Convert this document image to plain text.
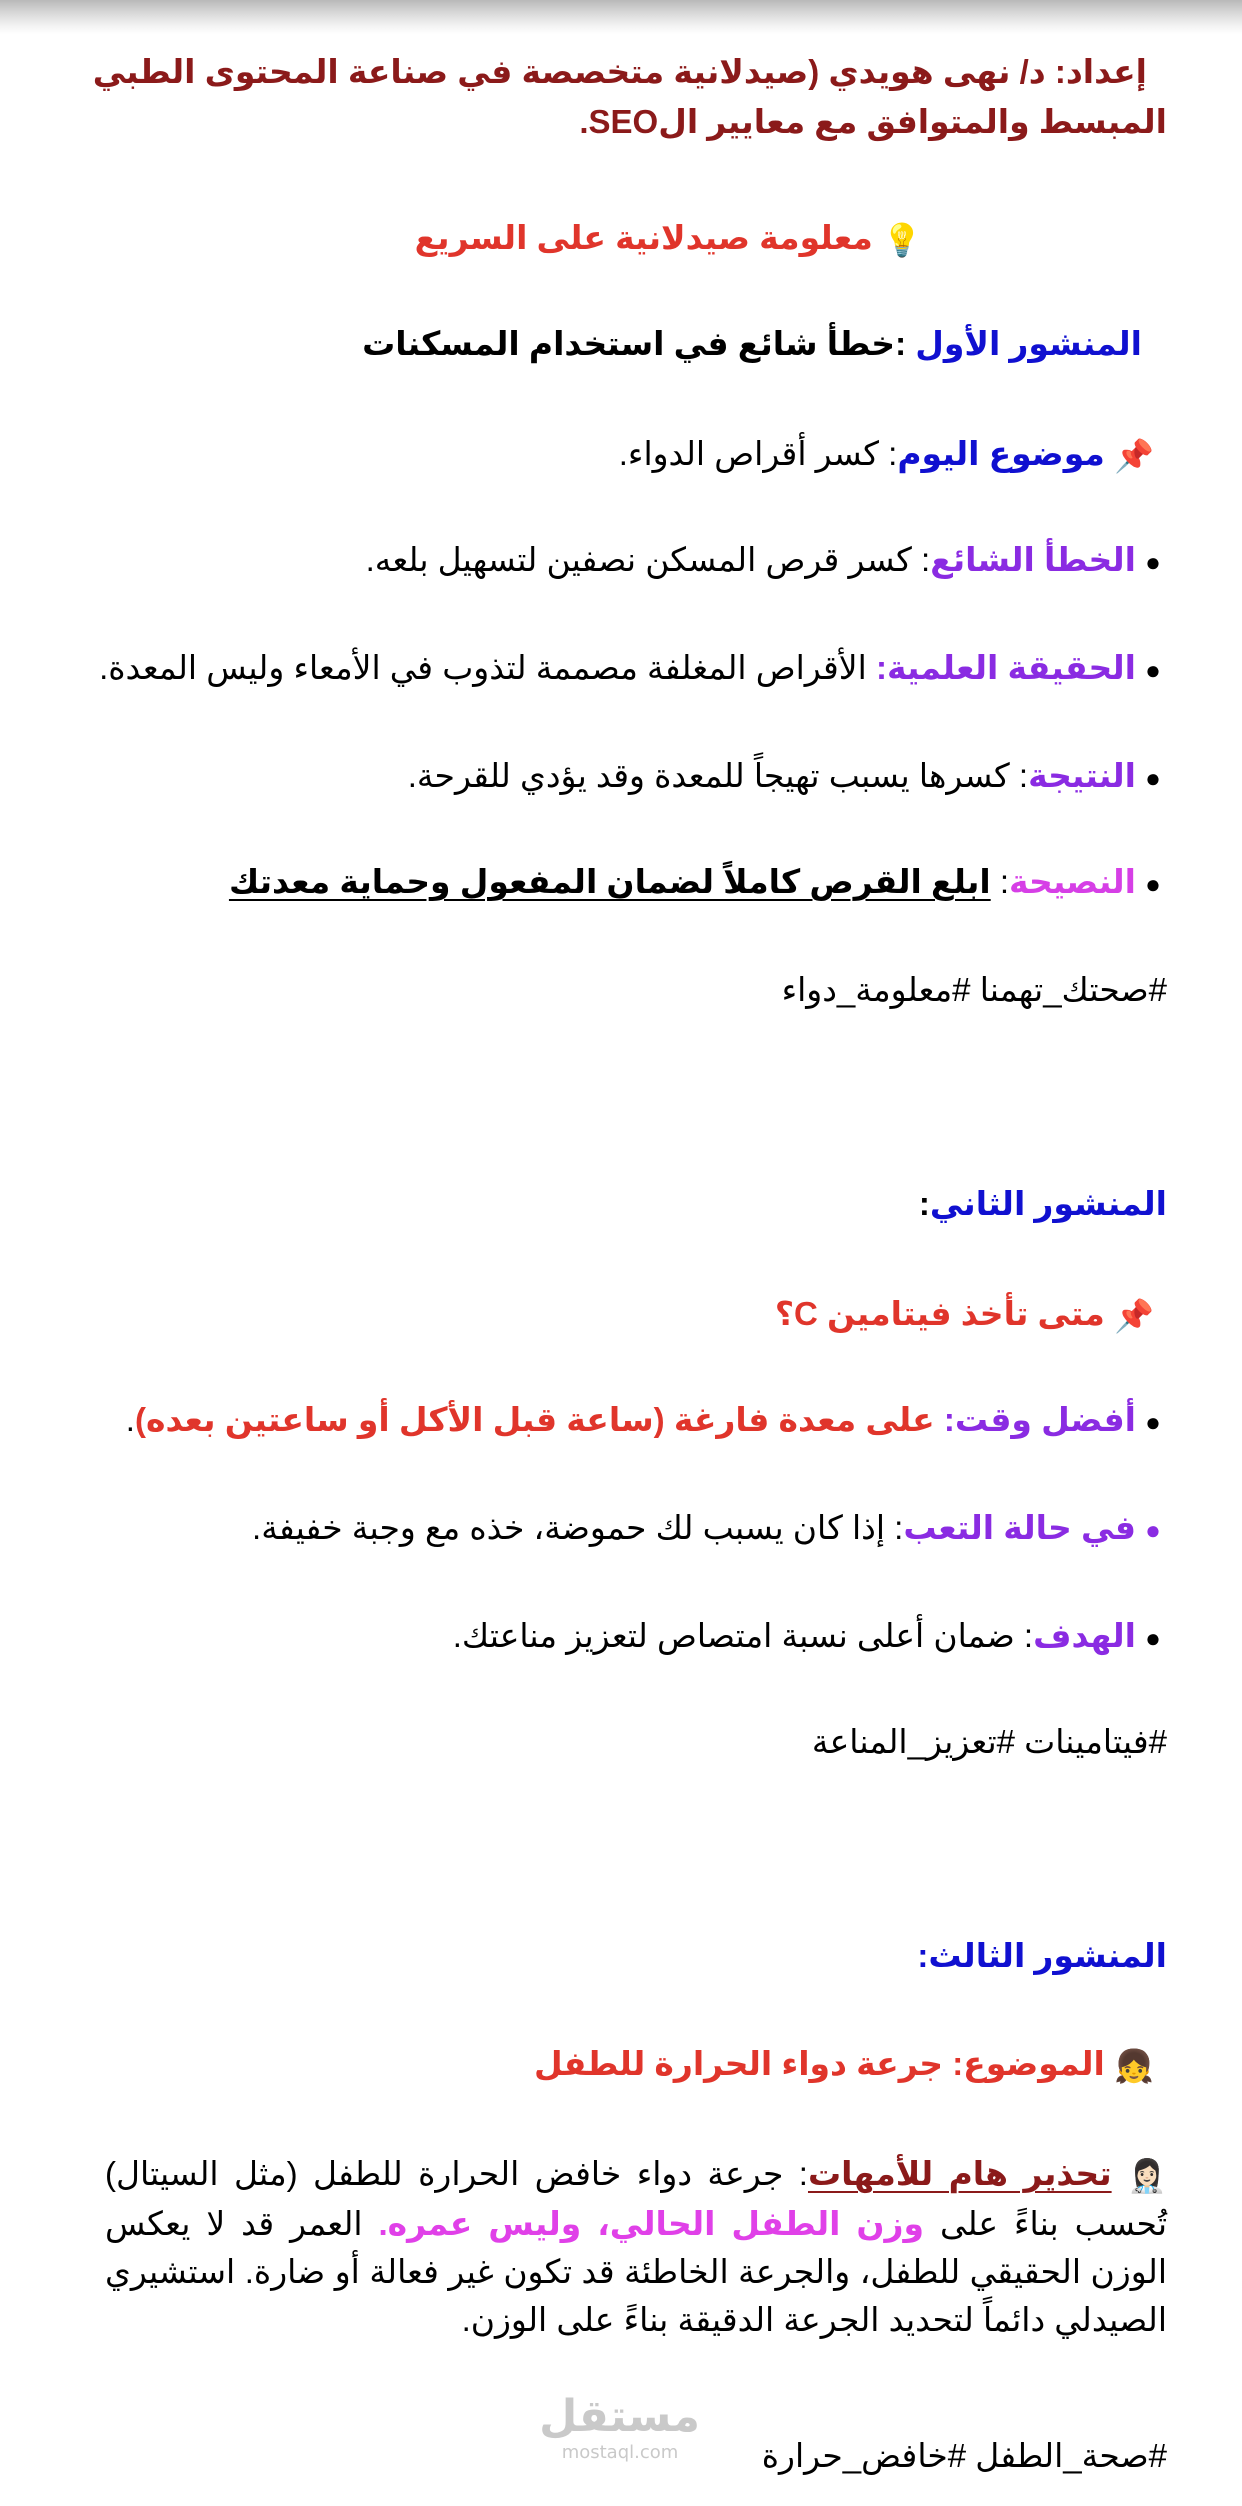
إعداد: د/ نهى هويدي (صيدلانية متخصصة في صناعة المحتوى الطبي
المبسط والمتوافق مع معايير الSEO.
💡 معلومة صيدلانية على السريع
المنشور الأول :خطأ شائع في استخدام المسكنات
📌 موضوع اليوم: كسر أقراص الدواء.
●الخطأ الشائع: كسر قرص المسكن نصفين لتسهيل بلعه.
●الحقيقة العلمية: الأقراص المغلفة مصممة لتذوب في الأمعاء وليس المعدة.
●النتيجة: كسرها يسبب تهيجاً للمعدة وقد يؤدي للقرحة.
●النصيحة: ابلع القرص كاملاً لضمان المفعول وحماية معدتك
#صحتك_تهمنا #معلومة_دواء
المنشور الثاني:
📌 متى تأخذ فيتامين C؟
●أفضل وقت: على معدة فارغة (ساعة قبل الأكل أو ساعتين بعده).
●في حالة التعب: إذا كان يسبب لك حموضة، خذه مع وجبة خفيفة.
●الهدف: ضمان أعلى نسبة امتصاص لتعزيز مناعتك.
#فيتامينات #تعزيز_المناعة
المنشور الثالث:
👧 الموضوع: جرعة دواء الحرارة للطفل
👩🏻‍⚕️ تحذير هام للأمهات: جرعة دواء خافض الحرارة للطفل (مثل السيتال) تُحسب بناءً على وزن الطفل الحالي، وليس عمره. العمر قد لا يعكس الوزن الحقيقي للطفل، والجرعة الخاطئة قد تكون غير فعالة أو ضارة. استشيري الصيدلي دائماً لتحديد الجرعة الدقيقة بناءً على الوزن.
#صحة_الطفل #خافض_حرارة
مستقل
mostaql.com
